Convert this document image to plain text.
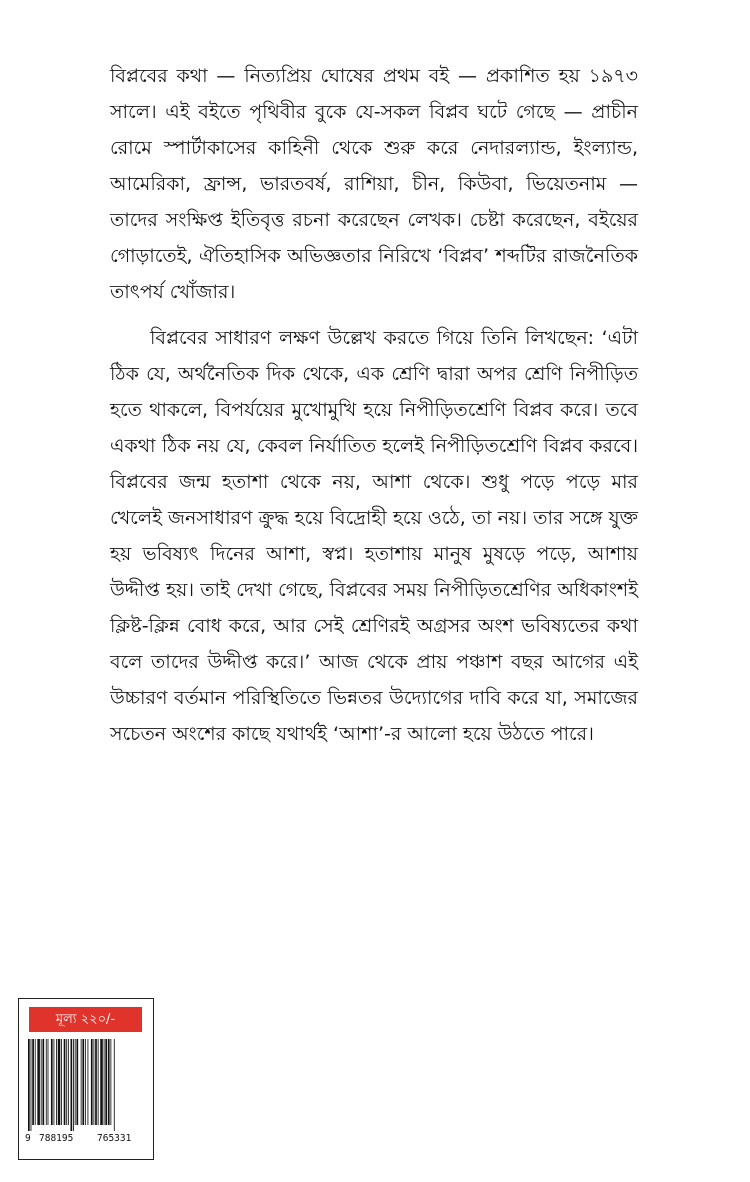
বিপ্লবের কথা — নিত্যপ্রিয় ঘোষের প্রথম বই — প্রকাশিত হয় ১৯৭৩ সালে। এই বইতে পৃথিবীর বুকে যে-সকল বিপ্লব ঘটে গেছে — প্রাচীন রোমে স্পার্টাকাসের কাহিনী থেকে শুরু করে নেদারল্যান্ড, ইংল্যান্ড, আমেরিকা, ফ্রান্স, ভারতবর্ষ, রাশিয়া, চীন, কিউবা, ভিয়েতনাম — তাদের সংক্ষিপ্ত ইতিবৃত্ত রচনা করেছেন লেখক। চেষ্টা করেছেন, বইয়ের গোড়াতেই, ঐতিহাসিক অভিজ্ঞতার নিরিখে ‘বিপ্লব’ শব্দটির রাজনৈতিক তাৎপর্য খোঁজার।

বিপ্লবের সাধারণ লক্ষণ উল্লেখ করতে গিয়ে তিনি লিখছেন: ‘এটা ঠিক যে, অর্থনৈতিক দিক থেকে, এক শ্রেণি দ্বারা অপর শ্রেণি নিপীড়িত হতে থাকলে, বিপর্যয়ের মুখোমুখি হয়ে নিপীড়িতশ্রেণি বিপ্লব করে। তবে একথা ঠিক নয় যে, কেবল নির্যাতিত হলেই নিপীড়িতশ্রেণি বিপ্লব করবে। বিপ্লবের জন্ম হতাশা থেকে নয়, আশা থেকে। শুধু পড়ে পড়ে মার খেলেই জনসাধারণ ক্রুদ্ধ হয়ে বিদ্রোহী হয়ে ওঠে, তা নয়। তার সঙ্গে যুক্ত হয় ভবিষ্যৎ দিনের আশা, স্বপ্ন। হতাশায় মানুষ মুষড়ে পড়ে, আশায় উদ্দীপ্ত হয়। তাই দেখা গেছে, বিপ্লবের সময় নিপীড়িতশ্রেণির অধিকাংশই ক্লিষ্ট-ক্লিন্ন বোধ করে, আর সেই শ্রেণিরই অগ্রসর অংশ ভবিষ্যতের কথা বলে তাদের উদ্দীপ্ত করে।’ আজ থেকে প্রায় পঞ্চাশ বছর আগের এই উচ্চারণ বর্তমান পরিস্থিতিতে ভিন্নতর উদ্যোগের দাবি করে যা, সমাজের সচেতন অংশের কাছে যথার্থই ‘আশা’-র আলো হয়ে উঠতে পারে।

মূল্য ২২০/-
9 788195 765331
